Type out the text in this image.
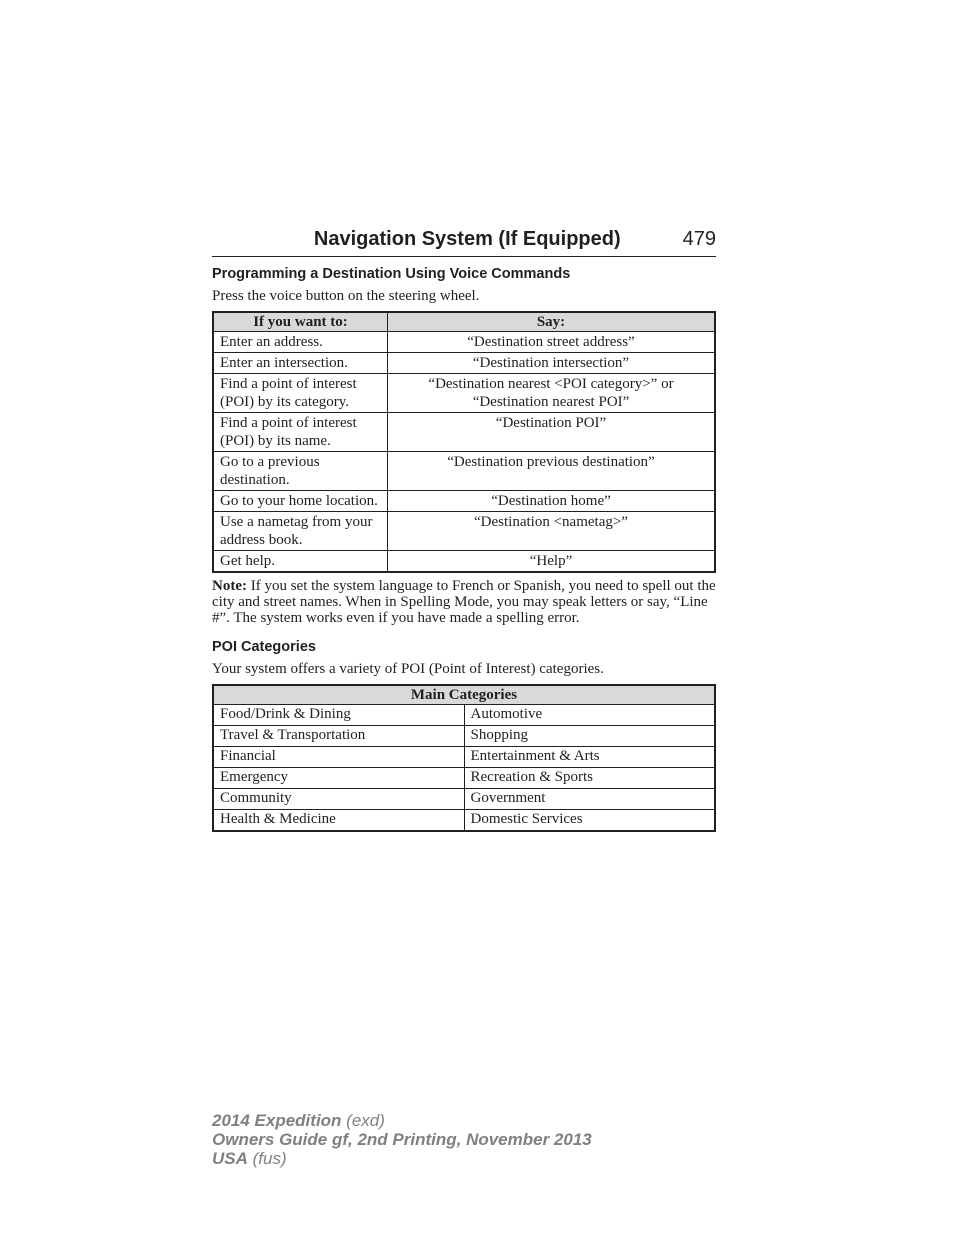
Navigation System (If Equipped)	479
Programming a Destination Using Voice Commands

Press the voice button on the steering wheel.

If you want to:	Say:
Enter an address.	“Destination street address”
Enter an intersection.	“Destination intersection”
Find a point of interest (POI) by its category.	“Destination nearest <POI category>” or “Destination nearest POI”
Find a point of interest (POI) by its name.	“Destination POI”
Go to a previous destination.	“Destination previous destination”
Go to your home location.	“Destination home”
Use a nametag from your address book.	“Destination <nametag>”
Get help.	“Help”

Note: If you set the system language to French or Spanish, you need to spell out the city and street names. When in Spelling Mode, you may speak letters or say, “Line #”. The system works even if you have made a spelling error.

POI Categories

Your system offers a variety of POI (Point of Interest) categories.

Main Categories	
Food/Drink & Dining	Automotive
Travel & Transportation	Shopping
Financial	Entertainment & Arts
Emergency	Recreation & Sports
Community	Government
Health & Medicine	Domestic Services
2014 Expedition (exd)
Owners Guide gf, 2nd Printing, November 2013
USA (fus)
